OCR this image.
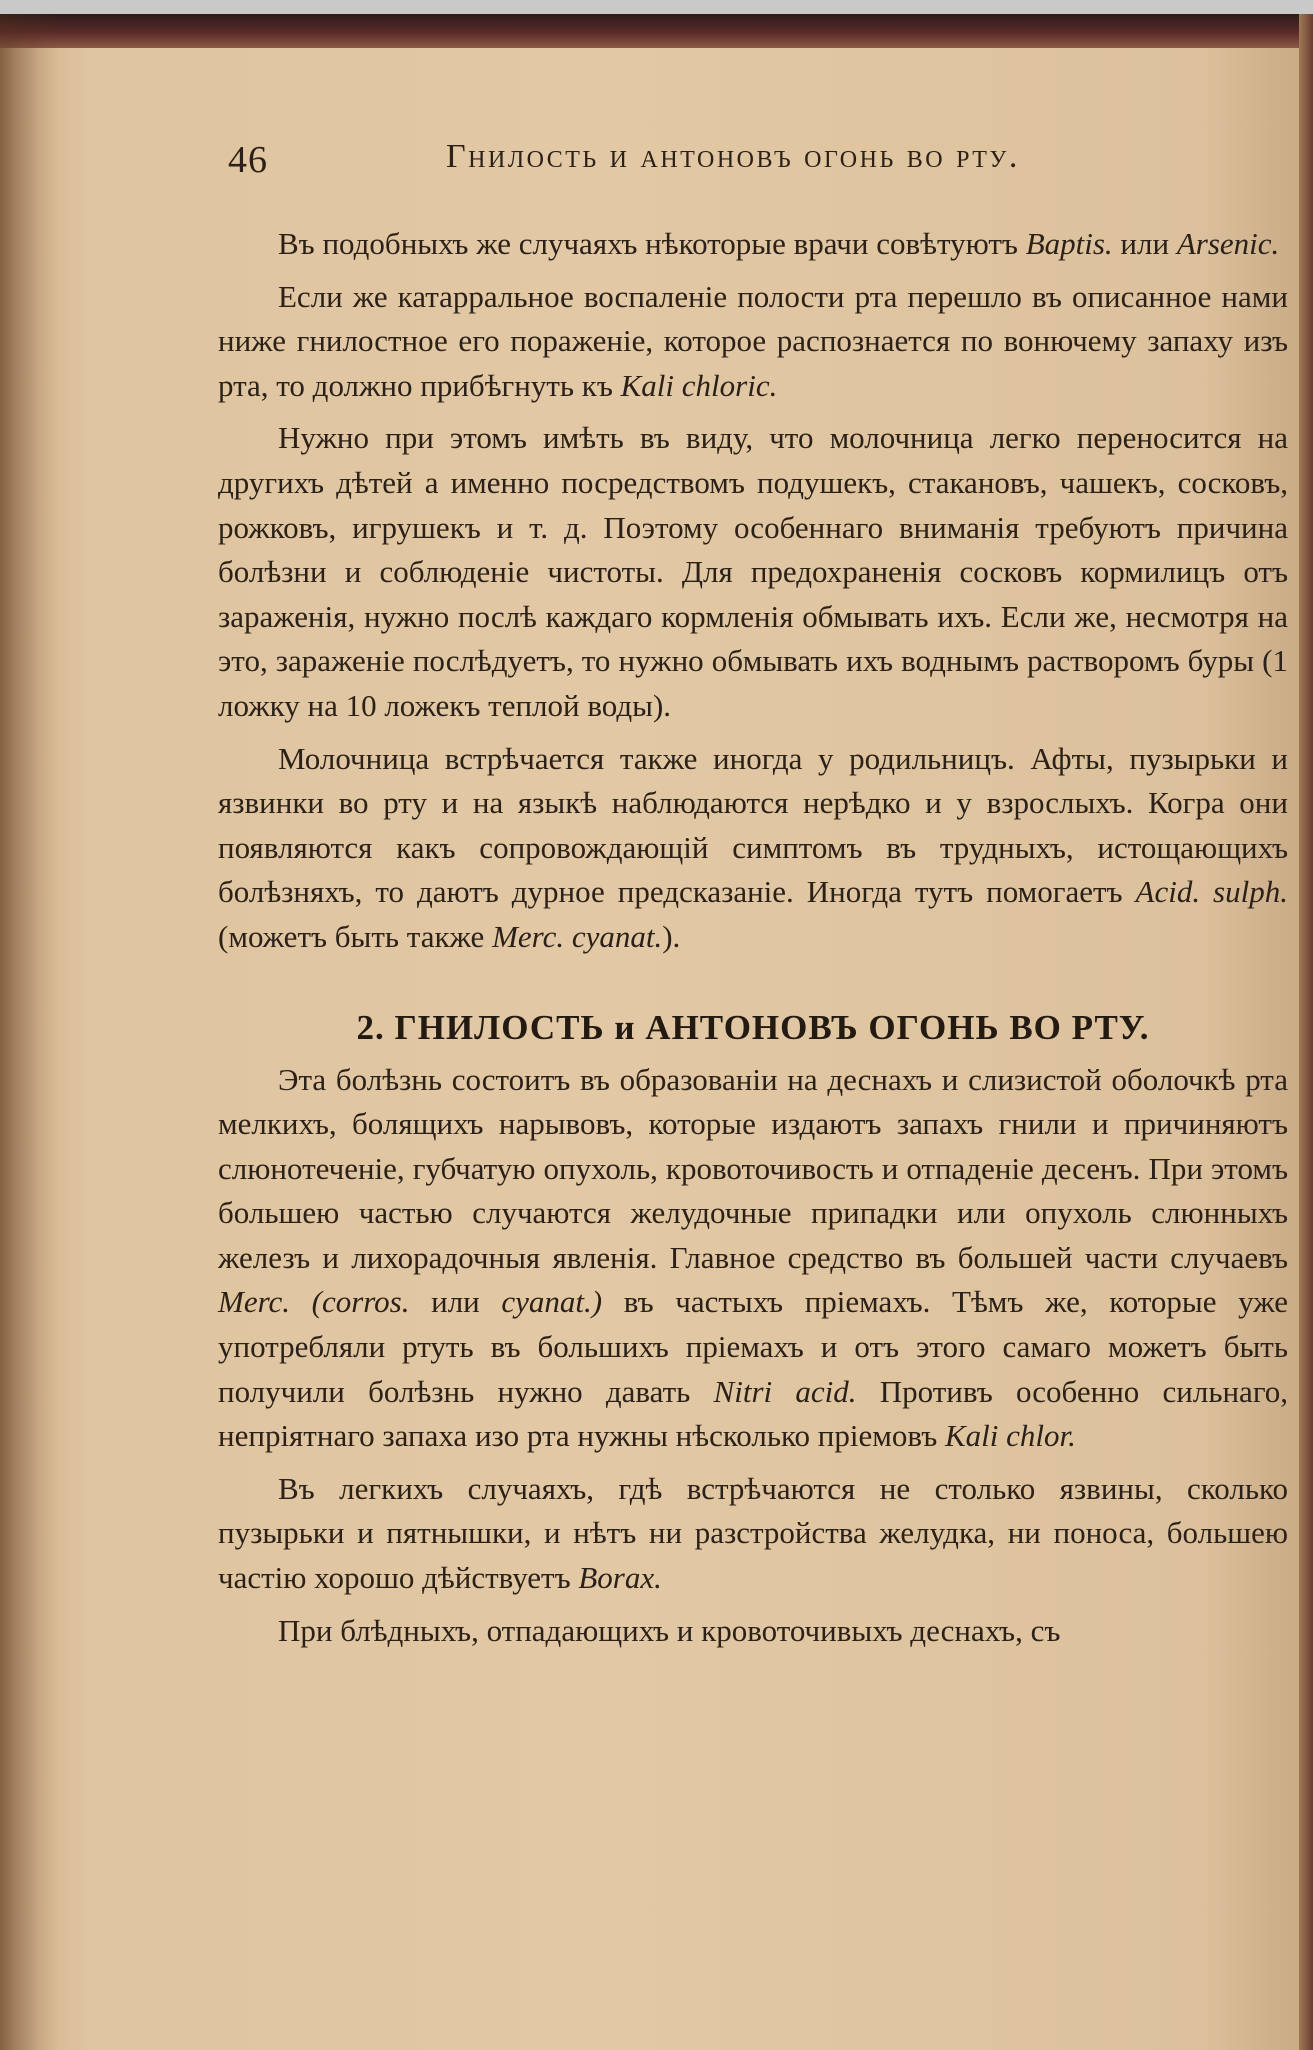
46	Гнилость и антоновъ огонь во рту.

Въ подобныхъ же случаяхъ нѣкоторые врачи совѣтуютъ Baptis. или Arsenic.

Если же катарральное воспаленіе полости рта перешло въ описанное нами ниже гнилостное его пораженіе, которое распознается по вонючему запаху изъ рта, то должно прибѣгнуть къ Kali chloric.

Нужно при этомъ имѣть въ виду, что молочница легко переносится на другихъ дѣтей а именно посредствомъ подушекъ, стакановъ, чашекъ, сосковъ, рожковъ, игрушекъ и т. д. Поэтому особеннаго вниманія требуютъ причина болѣзни и соблюденіе чистоты. Для предохраненія сосковъ кормилицъ отъ зараженія, нужно послѣ каждаго кормленія обмывать ихъ. Если же, несмотря на это, зараженіе послѣдуетъ, то нужно обмывать ихъ воднымъ растворомъ буры (1 ложку на 10 ложекъ теплой воды).

Молочница встрѣчается также иногда у родильницъ. Афты, пузырьки и язвинки во рту и на языкѣ наблюдаются нерѣдко и у взрослыхъ. Когра они появляются какъ сопровождающій симптомъ въ трудныхъ, истощающихъ болѣзняхъ, то даютъ дурное предсказаніе. Иногда тутъ помогаетъ Acid. sulph. (можетъ быть также Merc. cyanat.).

2. ГНИЛОСТЬ и АНТОНОВЪ ОГОНЬ ВО РТУ.

Эта болѣзнь состоитъ въ образованіи на деснахъ и слизистой оболочкѣ рта мелкихъ, болящихъ нарывовъ, которые издаютъ запахъ гнили и причиняютъ слюнотеченіе, губчатую опухоль, кровоточивость и отпаденіе десенъ. При этомъ большею частью случаются желудочные припадки или опухоль слюнныхъ железъ и лихорадочныя явленія. Главное средство въ большей части случаевъ Merc. (corros. или cyanat.) въ частыхъ пріемахъ. Тѣмъ же, которые уже употребляли ртуть въ большихъ пріемахъ и отъ этого самаго можетъ быть получили болѣзнь нужно давать Nitri acid. Противъ особенно сильнаго, непріятнаго запаха изо рта нужны нѣсколько пріемовъ Kali chlor.

Въ легкихъ случаяхъ, гдѣ встрѣчаются не столько язвины, сколько пузырьки и пятнышки, и нѣтъ ни разстройства желудка, ни поноса, большею частію хорошо дѣйствуетъ Borax.

При блѣдныхъ, отпадающихъ и кровоточивыхъ деснахъ, съ
